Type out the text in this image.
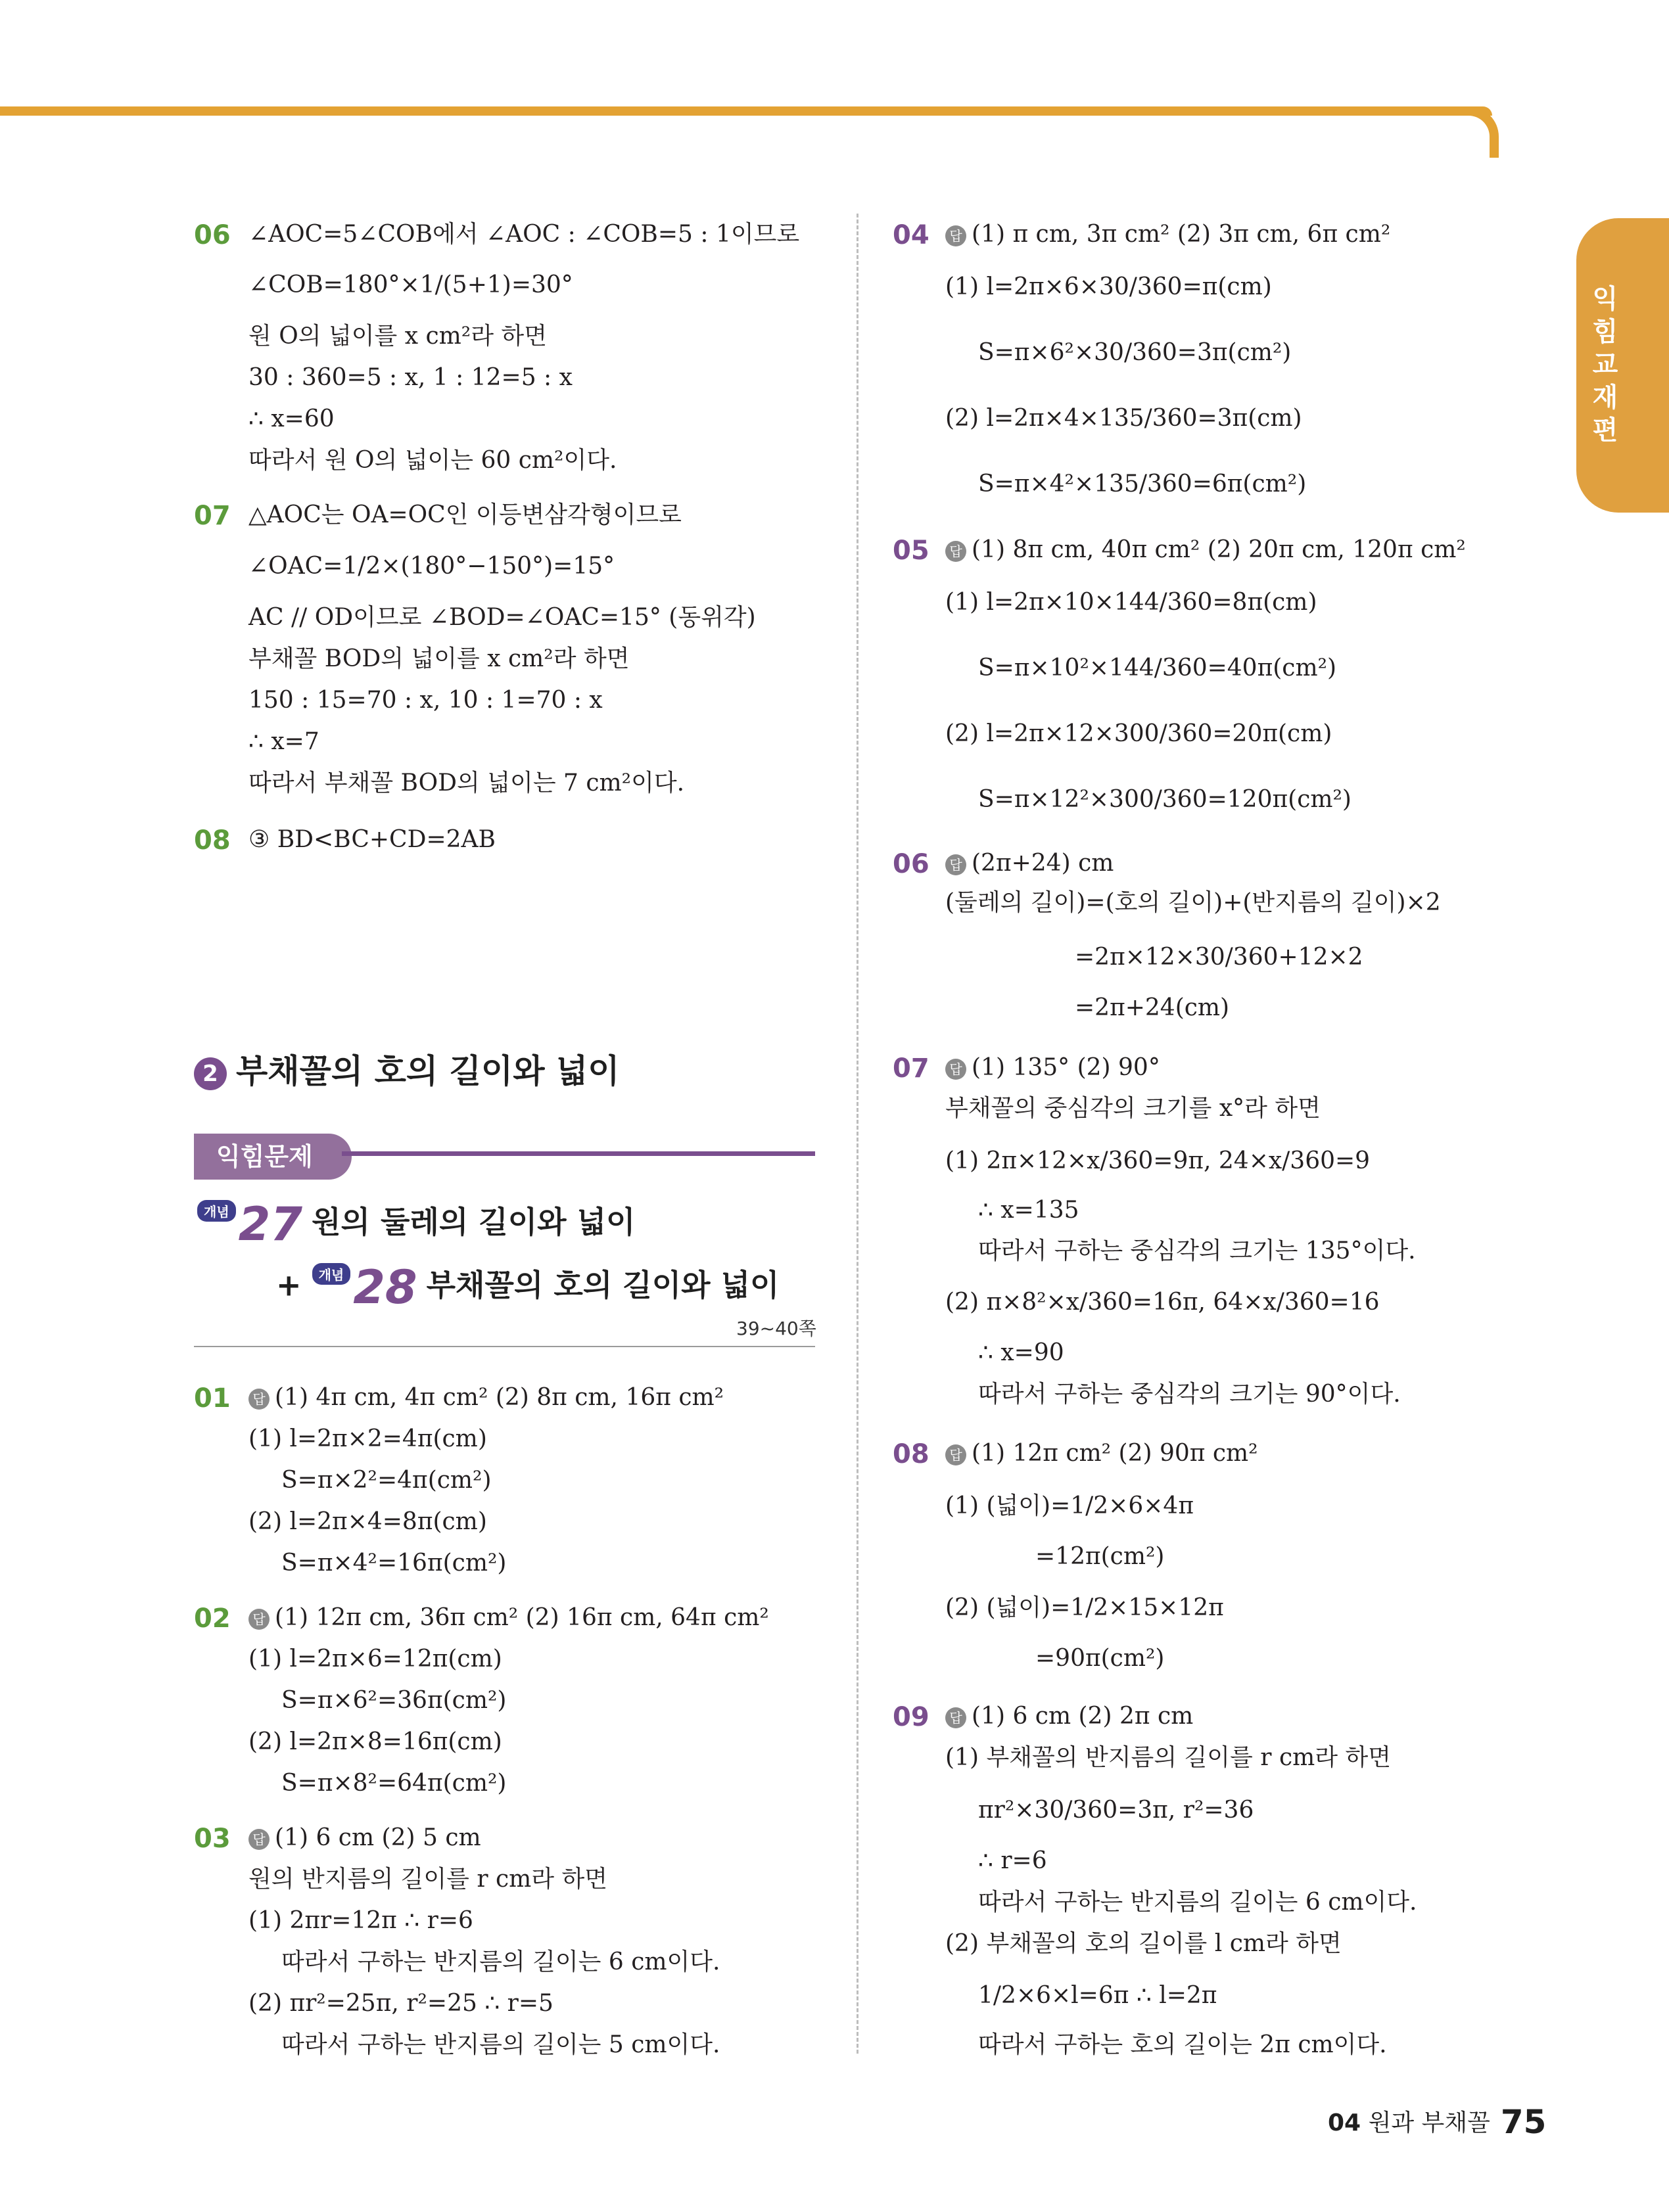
익
힘
교
재
편
06 ∠AOC=5∠COB에서 ∠AOC : ∠COB=5 : 1이므로
∠COB=180°×1/(5+1)=30°
원 O의 넓이를 x cm²라 하면
30 : 360=5 : x, 1 : 12=5 : x
∴ x=60
따라서 원 O의 넓이는 60 cm²이다.
07 △AOC는 OA=OC인 이등변삼각형이므로
∠OAC=1/2×(180°−150°)=15°
AC // OD이므로 ∠BOD=∠OAC=15° (동위각)
부채꼴 BOD의 넓이를 x cm²라 하면
150 : 15=70 : x, 10 : 1=70 : x
∴ x=7
따라서 부채꼴 BOD의 넓이는 7 cm²이다.
08 ③ BD<BC+CD=2AB
2 부채꼴의 호의 길이와 넓이
익힘문제
개념 27 원의 둘레의 길이와 넓이
+ 개념 28 부채꼴의 호의 길이와 넓이
39~40쪽
01	답 (1) 4π cm, 4π cm² (2) 8π cm, 16π cm²
(1) l=2π×2=4π(cm)
S=π×2²=4π(cm²)
(2) l=2π×4=8π(cm)
S=π×4²=16π(cm²)
02	답 (1) 12π cm, 36π cm² (2) 16π cm, 64π cm²
(1) l=2π×6=12π(cm)
S=π×6²=36π(cm²)
(2) l=2π×8=16π(cm)
S=π×8²=64π(cm²)
03	답 (1) 6 cm (2) 5 cm
원의 반지름의 길이를 r cm라 하면
(1) 2πr=12π ∴ r=6
따라서 구하는 반지름의 길이는 6 cm이다.
(2) πr²=25π, r²=25 ∴ r=5
따라서 구하는 반지름의 길이는 5 cm이다.
04	답 (1) π cm, 3π cm² (2) 3π cm, 6π cm²
(1) l=2π×6×30/360=π(cm)
S=π×6²×30/360=3π(cm²)
(2) l=2π×4×135/360=3π(cm)
S=π×4²×135/360=6π(cm²)
05	답 (1) 8π cm, 40π cm² (2) 20π cm, 120π cm²
(1) l=2π×10×144/360=8π(cm)
S=π×10²×144/360=40π(cm²)
(2) l=2π×12×300/360=20π(cm)
S=π×12²×300/360=120π(cm²)
06	답 (2π+24) cm
(둘레의 길이)=(호의 길이)+(반지름의 길이)×2
=2π×12×30/360+12×2
=2π+24(cm)
07	답 (1) 135° (2) 90°
부채꼴의 중심각의 크기를 x°라 하면
(1) 2π×12×x/360=9π, 24×x/360=9
∴ x=135
따라서 구하는 중심각의 크기는 135°이다.
(2) π×8²×x/360=16π, 64×x/360=16
∴ x=90
따라서 구하는 중심각의 크기는 90°이다.
08	답 (1) 12π cm² (2) 90π cm²
(1) (넓이)=1/2×6×4π
=12π(cm²)
(2) (넓이)=1/2×15×12π
=90π(cm²)
09	답 (1) 6 cm (2) 2π cm
(1) 부채꼴의 반지름의 길이를 r cm라 하면
πr²×30/360=3π, r²=36
∴ r=6
따라서 구하는 반지름의 길이는 6 cm이다.
(2) 부채꼴의 호의 길이를 l cm라 하면
1/2×6×l=6π ∴ l=2π
따라서 구하는 호의 길이는 2π cm이다.
04 원과 부채꼴 75
